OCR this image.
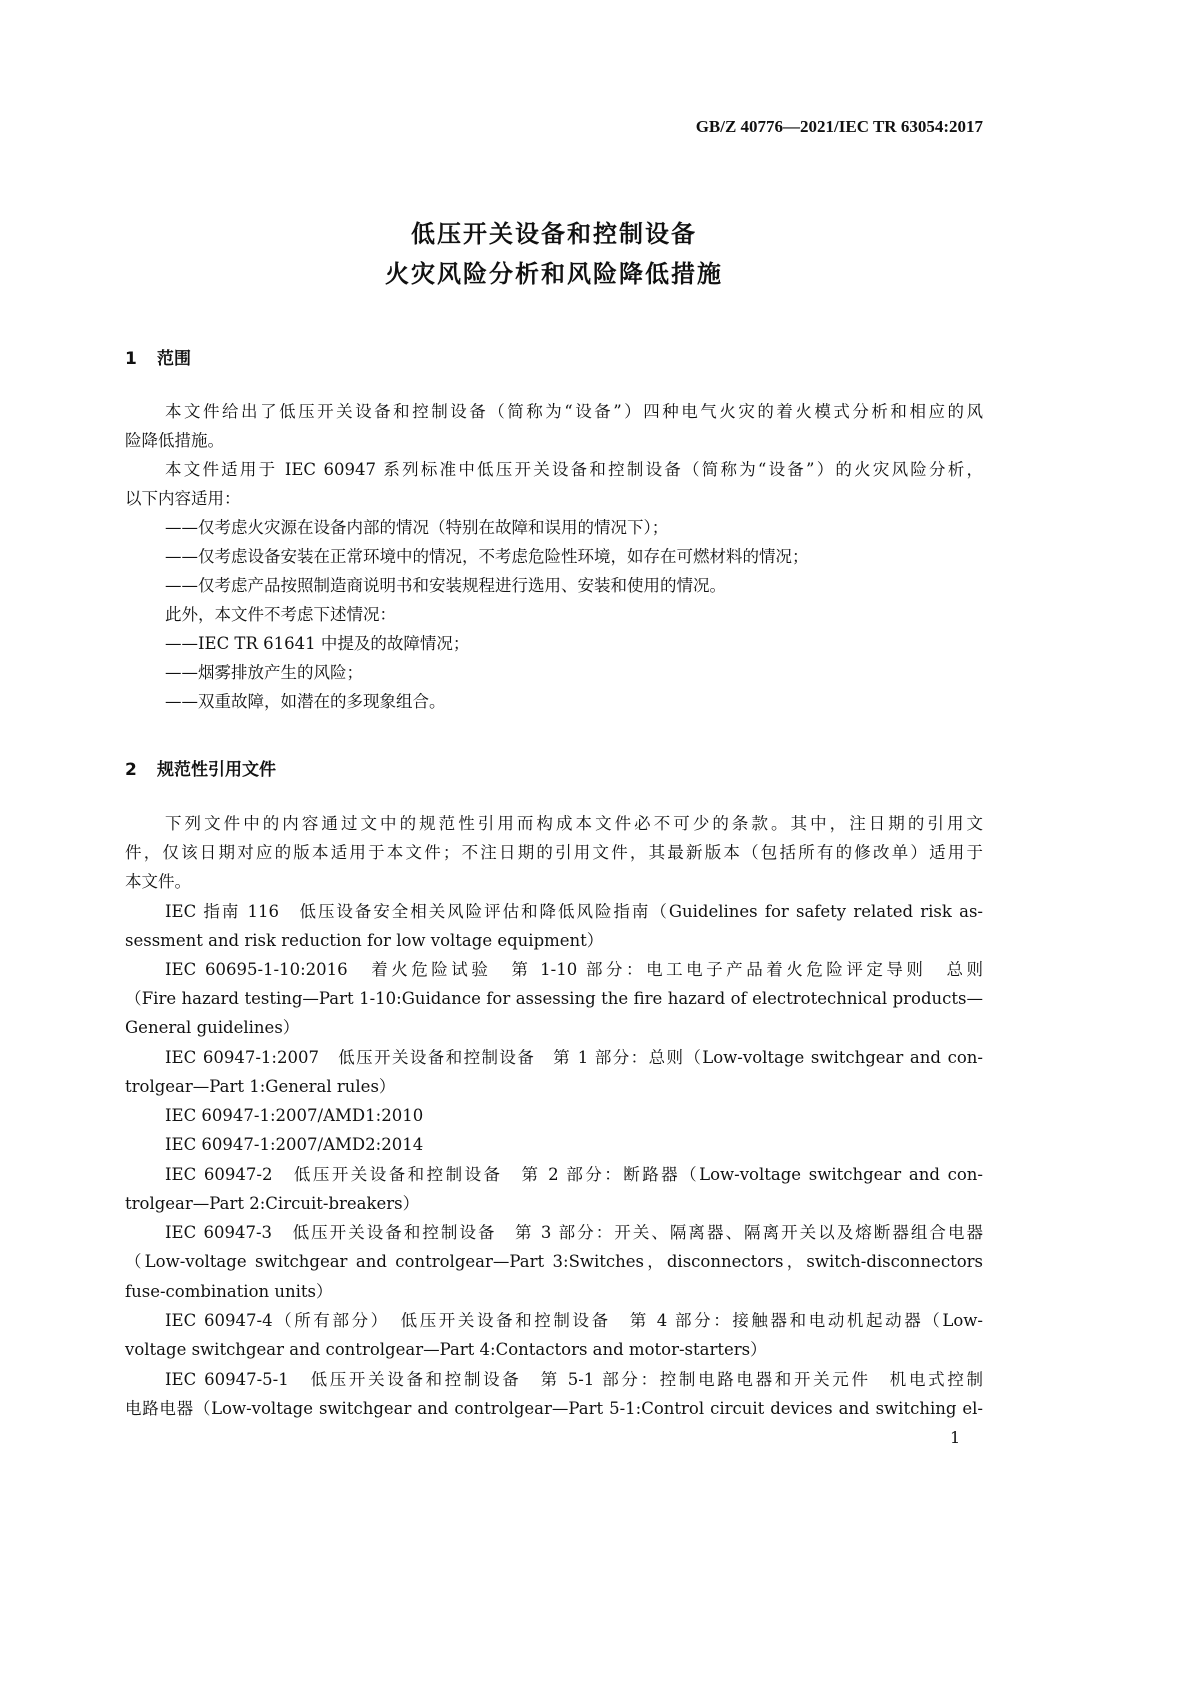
GB/Z 40776—2021/IEC TR 63054:2017
低压开关设备和控制设备
火灾风险分析和风险降低措施
1 范围
本文件给出了低压开关设备和控制设备（简称为“设备”）四种电气火灾的着火模式分析和相应的风
险降低措施。
本文件适用于 IEC 60947 系列标准中低压开关设备和控制设备（简称为“设备”）的火灾风险分析，
以下内容适用：
——仅考虑火灾源在设备内部的情况（特别在故障和误用的情况下）；
——仅考虑设备安装在正常环境中的情况，不考虑危险性环境，如存在可燃材料的情况；
——仅考虑产品按照制造商说明书和安装规程进行选用、安装和使用的情况。
此外，本文件不考虑下述情况：
——IEC TR 61641 中提及的故障情况；
——烟雾排放产生的风险；
——双重故障，如潜在的多现象组合。
2 规范性引用文件
下列文件中的内容通过文中的规范性引用而构成本文件必不可少的条款。其中，注日期的引用文
件，仅该日期对应的版本适用于本文件；不注日期的引用文件，其最新版本（包括所有的修改单）适用于
本文件。
IEC 指南 116　低压设备安全相关风险评估和降低风险指南（Guidelines for safety related risk as-
sessment and risk reduction for low voltage equipment）
IEC 60695-1-10:2016　着火危险试验　第 1-10 部分：电工电子产品着火危险评定导则　总则
（Fire hazard testing—Part 1-10:Guidance for assessing the fire hazard of electrotechnical products—
General guidelines）
IEC 60947-1:2007　低压开关设备和控制设备　第 1 部分：总则（Low-voltage switchgear and con-
trolgear—Part 1:General rules）
IEC 60947-1:2007/AMD1:2010
IEC 60947-1:2007/AMD2:2014
IEC 60947-2　低压开关设备和控制设备　第 2 部分：断路器（Low-voltage switchgear and con-
trolgear—Part 2:Circuit-breakers）
IEC 60947-3　低压开关设备和控制设备　第 3 部分：开关、隔离器、隔离开关以及熔断器组合电器
（Low-voltage switchgear and controlgear—Part 3:Switches，disconnectors，switch-disconnectors
fuse-combination units）
IEC 60947-4（所有部分）　低压开关设备和控制设备　第 4 部分：接触器和电动机起动器（Low-
voltage switchgear and controlgear—Part 4:Contactors and motor-starters）
IEC 60947-5-1　低压开关设备和控制设备　第 5-1 部分：控制电路电器和开关元件　机电式控制
电路电器（Low-voltage switchgear and controlgear—Part 5-1:Control circuit devices and switching el-
1
